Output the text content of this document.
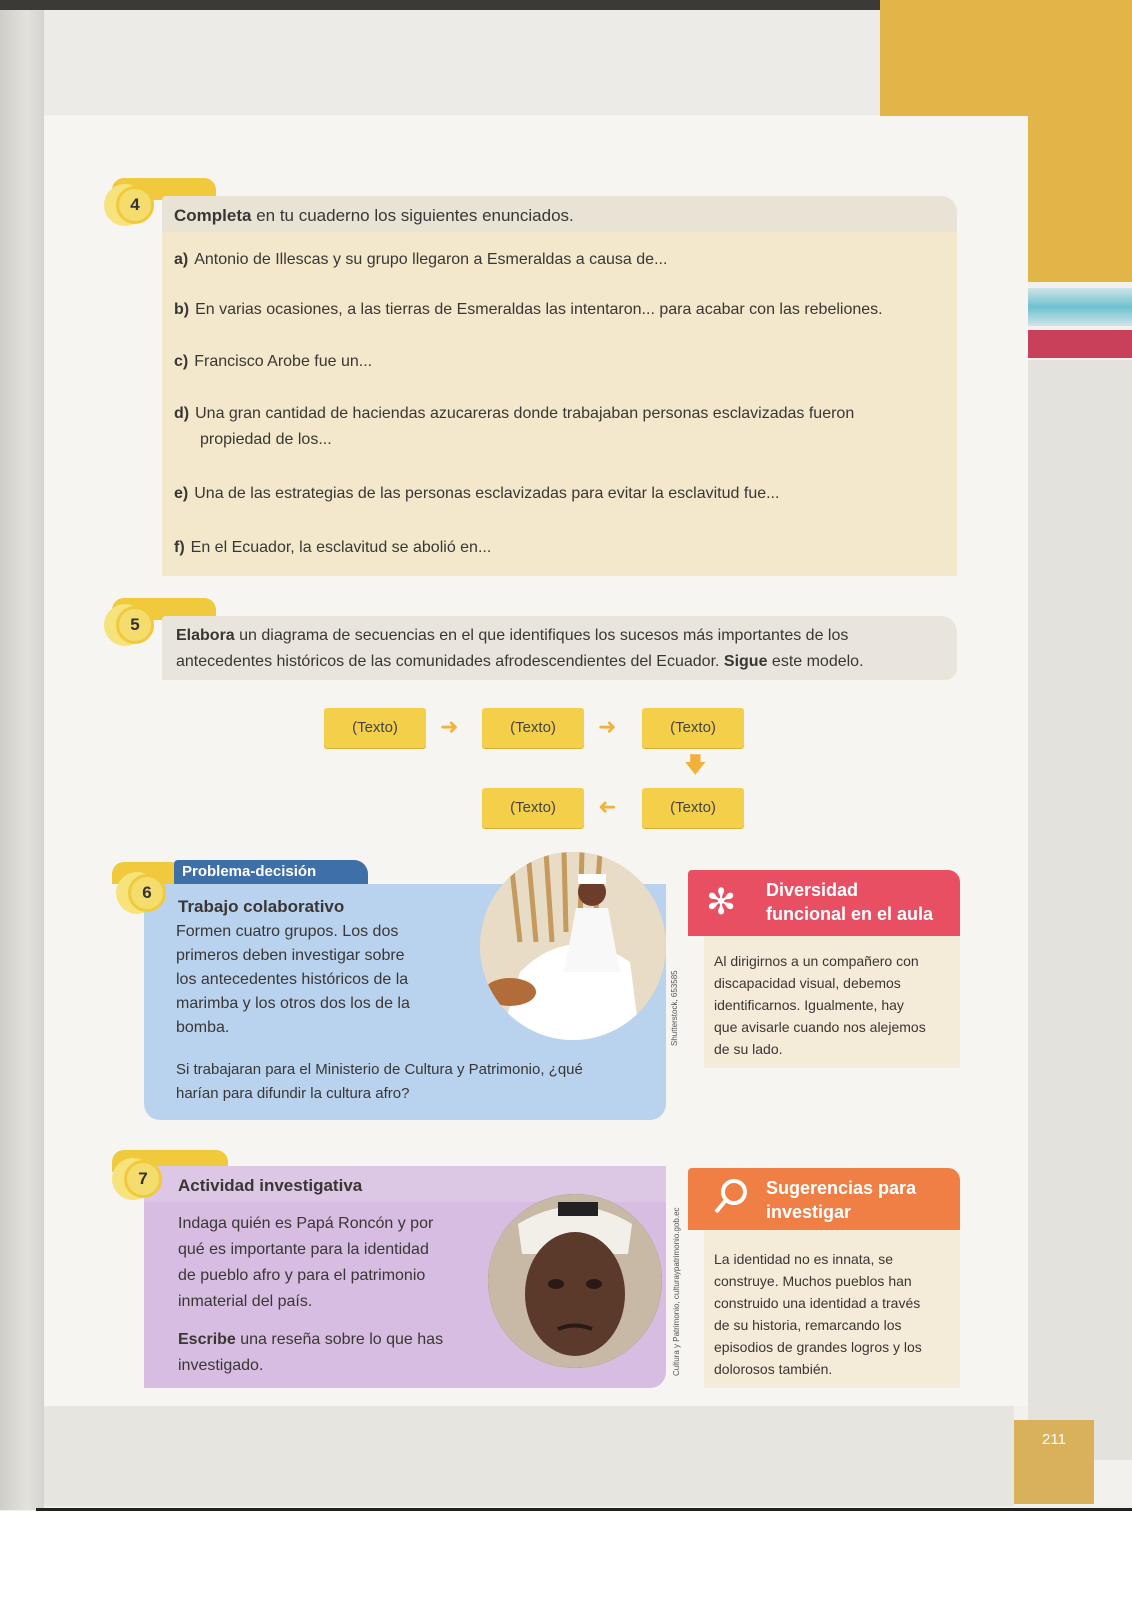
211
4
Completa en tu cuaderno los siguientes enunciados.
a) Antonio de Illescas y su grupo llegaron a Esmeraldas a causa de...
b) En varias ocasiones, a las tierras de Esmeraldas las intentaron... para acabar con las rebeliones.
c) Francisco Arobe fue un...
d) Una gran cantidad de haciendas azucareras donde trabajaban personas esclavizadas fueron
propiedad de los...
e) Una de las estrategias de las personas esclavizadas para evitar la esclavitud fue...
f) En el Ecuador, la esclavitud se abolió en...
5
Elabora un diagrama de secuencias en el que identifiques los sucesos más importantes de los
antecedentes históricos de las comunidades afrodescendientes del Ecuador. Sigue este modelo.
(Texto)	➜	(Texto)	➜	(Texto)
🡇
(Texto)
➜
(Texto)
Problema-decisión
6
Trabajo colaborativo
Formen cuatro grupos. Los dos
primeros deben investigar sobre
los antecedentes históricos de la
marimba y los otros dos los de la
bomba.
Si trabajaran para el Ministerio de Cultura y Patrimonio, ¿qué
harían para difundir la cultura afro?
Shutterstock, 653585
✻ Diversidad
funcional en el aula
Al dirigirnos a un compañero con
discapacidad visual, debemos
identificarnos. Igualmente, hay
que avisarle cuando nos alejemos
de su lado.
7	Actividad investigativa
Indaga quién es Papá Roncón y por
qué es importante para la identidad
de pueblo afro y para el patrimonio
inmaterial del país.
Escribe una reseña sobre lo que has
investigado.	Cultura y Patrimonio, culturaypatrimonio.gob.ec
Sugerencias para
investigar
La identidad no es innata, se
construye. Muchos pueblos han
construido una identidad a través
de su historia, remarcando los
episodios de grandes logros y los
dolorosos también.
